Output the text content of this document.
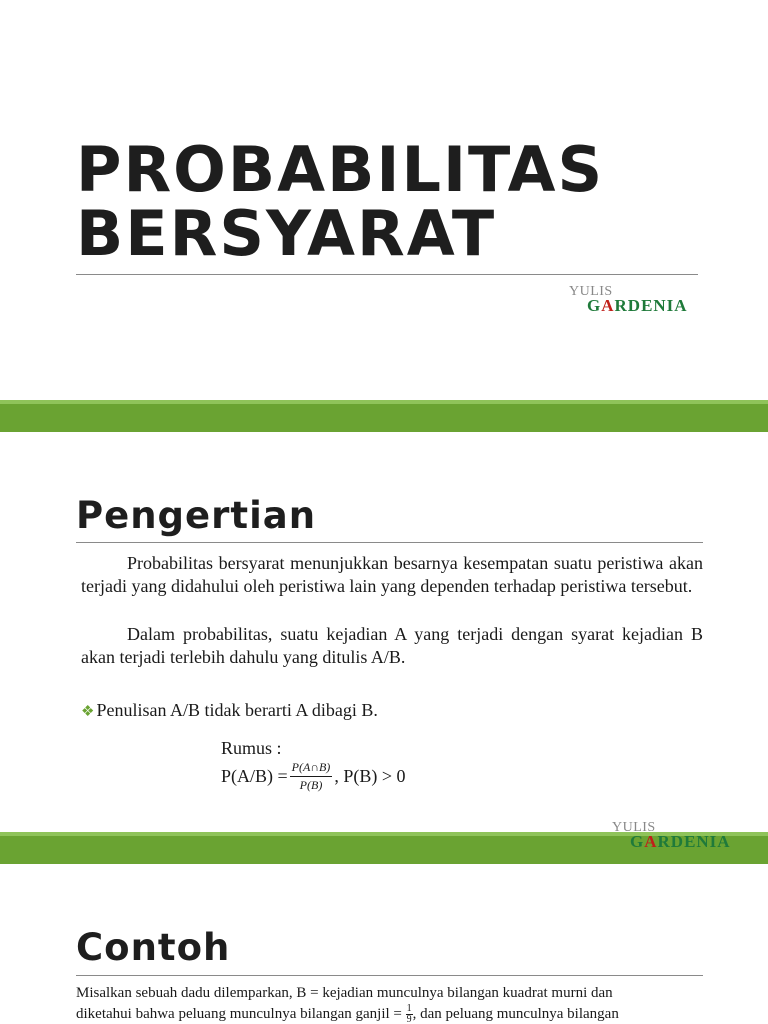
PROBABILITAS
BERSYARAT
YULIS
GARDENIA
Pengertian
Probabilitas bersyarat menunjukkan besarnya kesempatan suatu peristiwa akan terjadi yang didahului oleh peristiwa lain yang dependen terhadap peristiwa tersebut.
Dalam probabilitas, suatu kejadian A yang terjadi dengan syarat kejadian B akan terjadi terlebih dahulu yang ditulis A/B.
❖ Penulisan A/B tidak berarti A dibagi B.
Rumus :
$P(A/B) = \frac{P(A\cap B)}{P(B)}$ , P(B) > 0
YULIS
GARDENIA
Contoh
Misalkan sebuah dadu dilemparkan, B = kejadian munculnya bilangan kuadrat murni dan
diketahui bahwa peluang munculnya bilangan ganjil = $\frac{1}{9}$ , dan peluang munculnya bilangan
